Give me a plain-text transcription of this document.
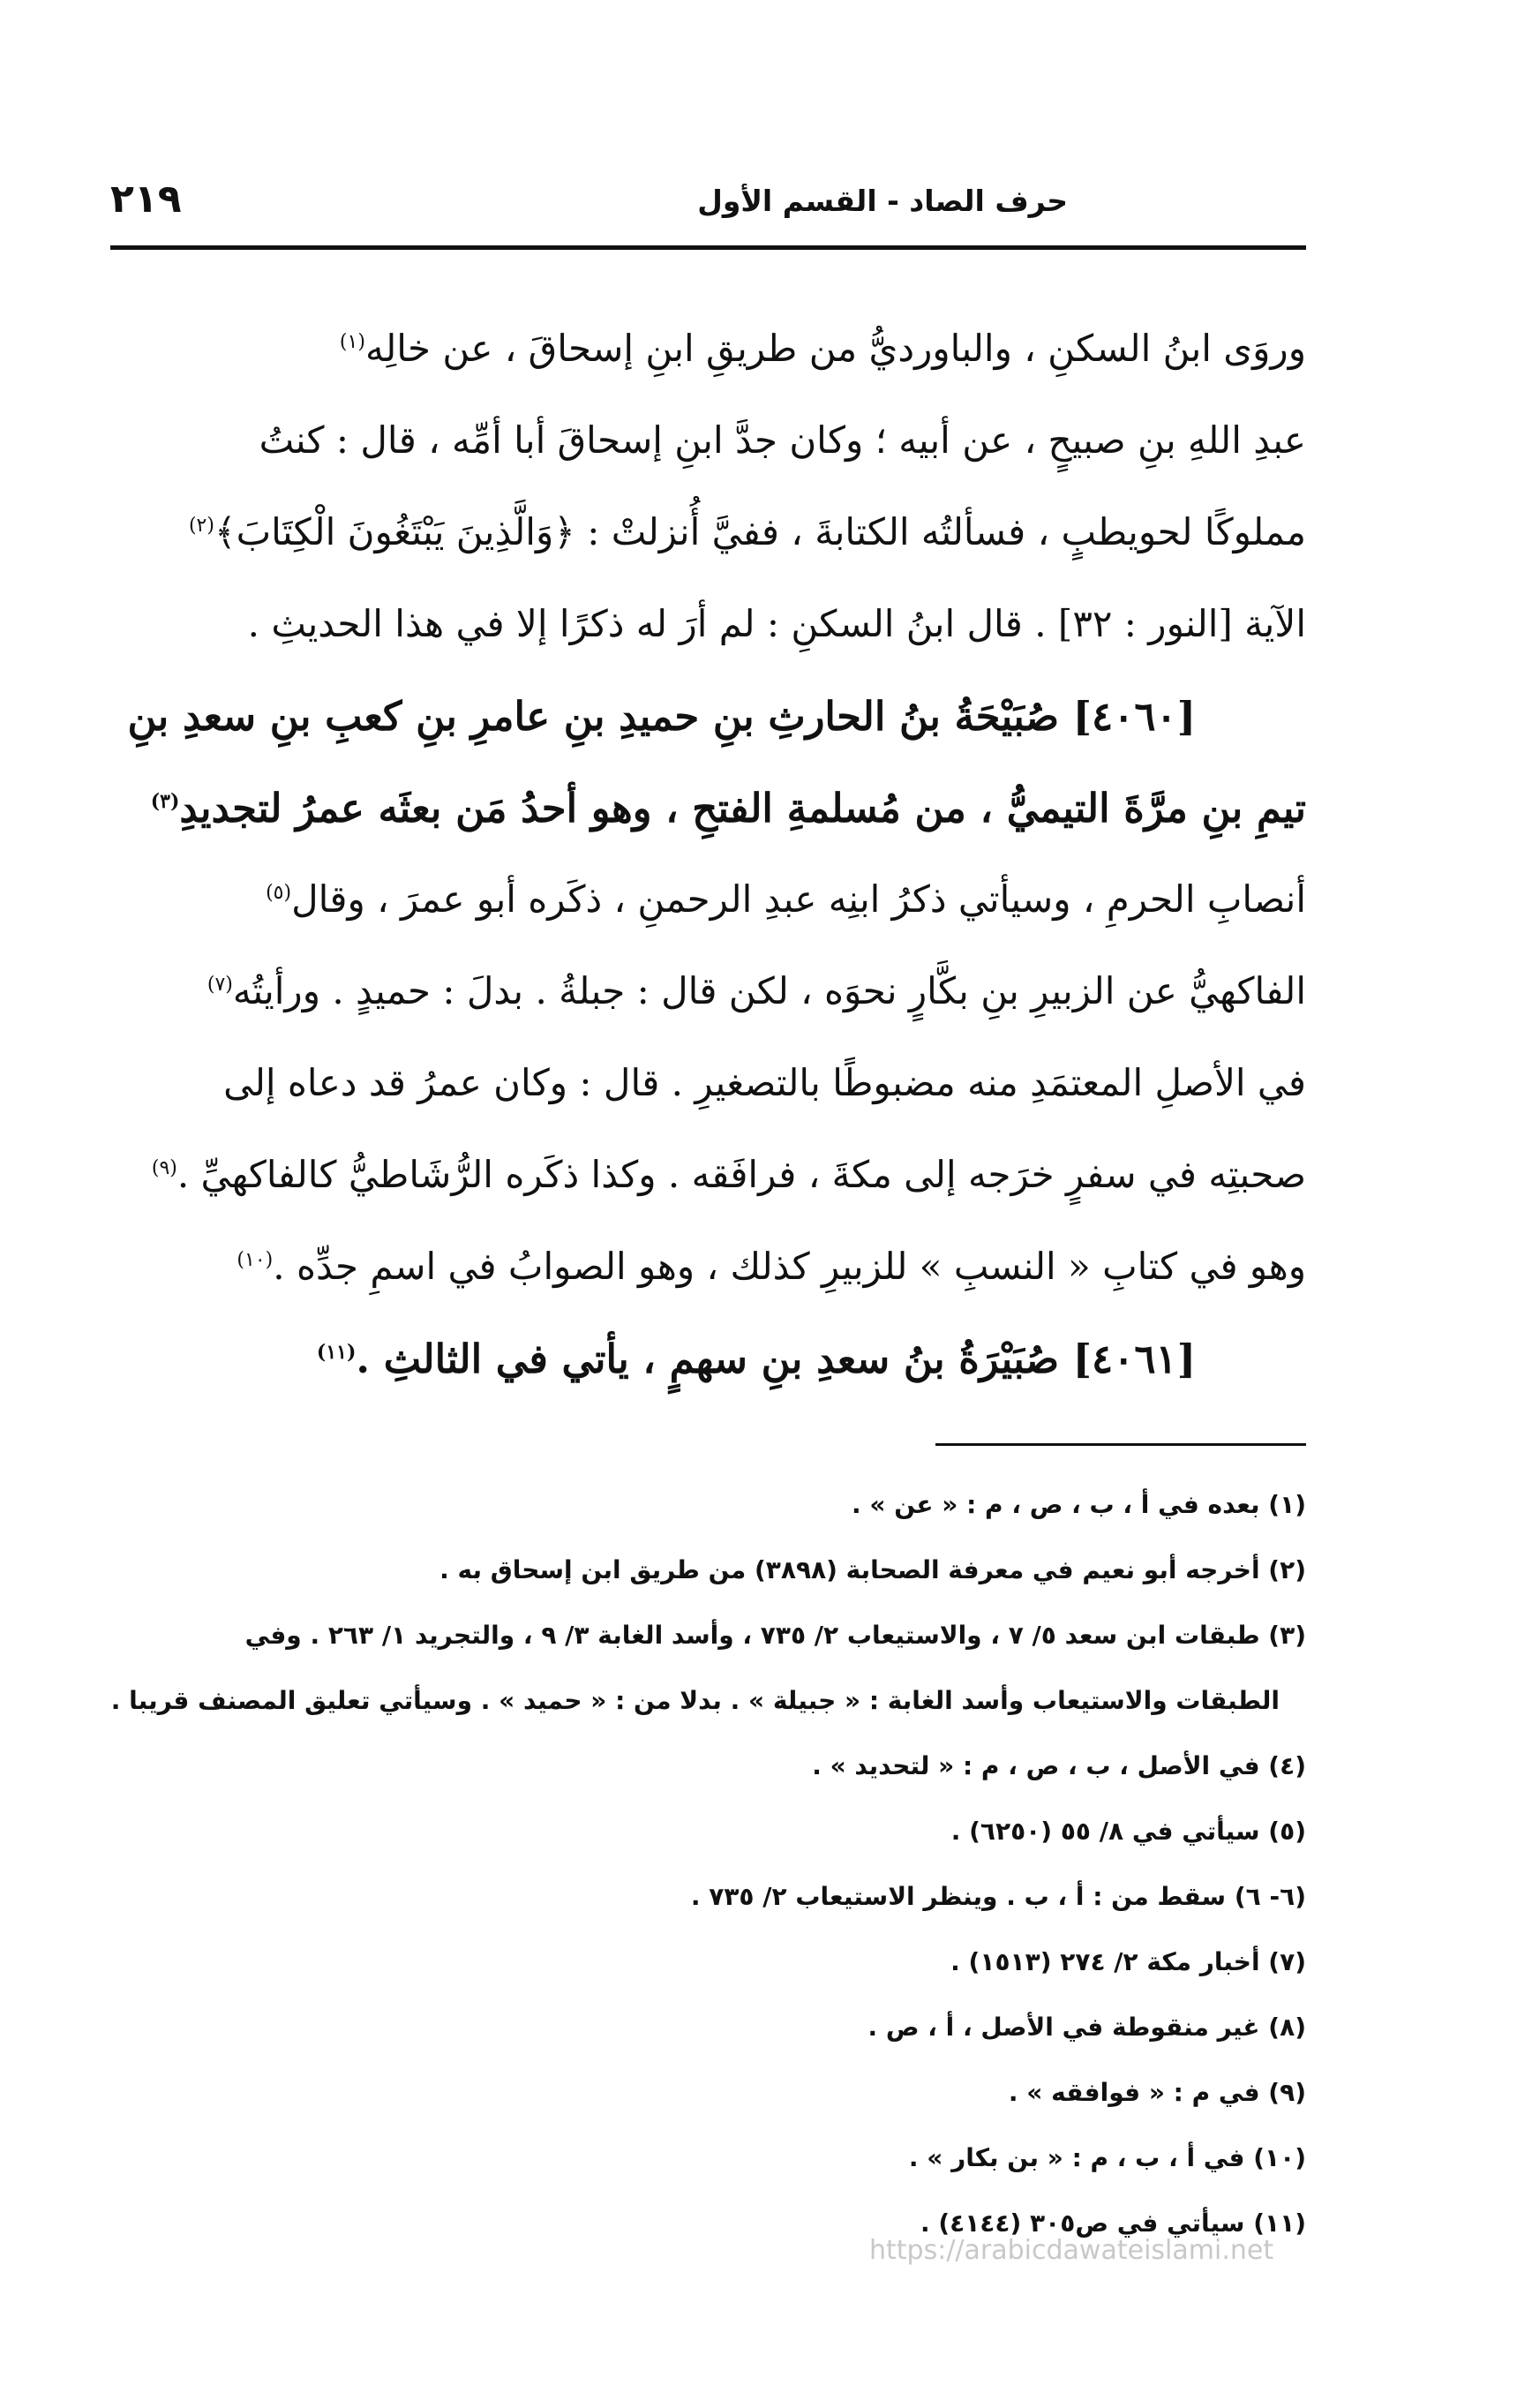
حرف الصاد - القسم الأول
٢١٩
وروَى ابنُ السكنِ ، والباورديُّ من طريقِ ابنِ إسحاقَ ، عن خالِه$^{(١)}$
عبدِ اللهِ بنِ صبيحٍ ، عن أبيه ؛ وكان جدَّ ابنِ إسحاقَ أبا أمِّه ، قال : كنتُ
مملوكًا لحويطبٍ ، فسألتُه الكتابةَ ، ففيَّ أُنزلتْ : ﴿وَالَّذِينَ يَبْتَغُونَ الْكِتَابَ﴾$^{(٢)}$
الآية [النور : ٣٢] . قال ابنُ السكنِ : لم أرَ له ذكرًا إلا في هذا الحديثِ .
[٤٠٦٠] صُبَيْحَةُ بنُ الحارثِ بنِ حميدِ بنِ عامرِ بنِ كعبِ بنِ سعدِ بنِ
تيمِ بنِ مرَّةَ التيميُّ ، من مُسلمةِ الفتحِ ، وهو أحدُ مَن بعثَه عمرُ لتجديدِ$^{(٣)}$
أنصابِ الحرمِ ، وسيأتي ذكرُ ابنِه عبدِ الرحمنِ ، ذكَره أبو عمرَ ، وقال$^{(٥)}$
الفاكهيُّ عن الزبيرِ بنِ بكَّارٍ نحوَه ، لكن قال : جبلةُ . بدلَ : حميدٍ . ورأيتُه$^{(٧)}$
في الأصلِ المعتمَدِ منه مضبوطًا بالتصغيرِ . قال : وكان عمرُ قد دعاه إلى
صحبتِه في سفرٍ خرَجه إلى مكةَ ، فرافَقه . وكذا ذكَره الرُّشَاطيُّ كالفاكهيِّ .$^{(٩)}$
وهو في كتابِ « النسبِ » للزبيرِ كذلك ، وهو الصوابُ في اسمِ جدِّه .$^{(١٠)}$
[٤٠٦١] صُبَيْرَةُ بنُ سعدِ بنِ سهمٍ ، يأتي في الثالثِ .$^{(١١)}$
(١) بعده في أ ، ب ، ص ، م : « عن » .
(٢) أخرجه أبو نعيم في معرفة الصحابة (٣٨٩٨) من طريق ابن إسحاق به .
(٣) طبقات ابن سعد ٥/ ٧ ، والاستيعاب ٢/ ٧٣٥ ، وأسد الغابة ٣/ ٩ ، والتجريد ١/ ٢٦٣ . وفي
الطبقات والاستيعاب وأسد الغابة : « جبيلة » . بدلا من : « حميد » . وسيأتي تعليق المصنف قريبا .
(٤) في الأصل ، ب ، ص ، م : « لتحديد » .
(٥) سيأتي في ٨/ ٥٥ (٦٢٥٠) .
(٦- ٦) سقط من : أ ، ب . وينظر الاستيعاب ٢/ ٧٣٥ .
(٧) أخبار مكة ٢/ ٢٧٤ (١٥١٣) .
(٨) غير منقوطة في الأصل ، أ ، ص .
(٩) في م : « فوافقه » .
(١٠) في أ ، ب ، م : « بن بكار » .
(١١) سيأتي في ص٣٠٥ (٤١٤٤) .
https://arabicdawateislami.net
